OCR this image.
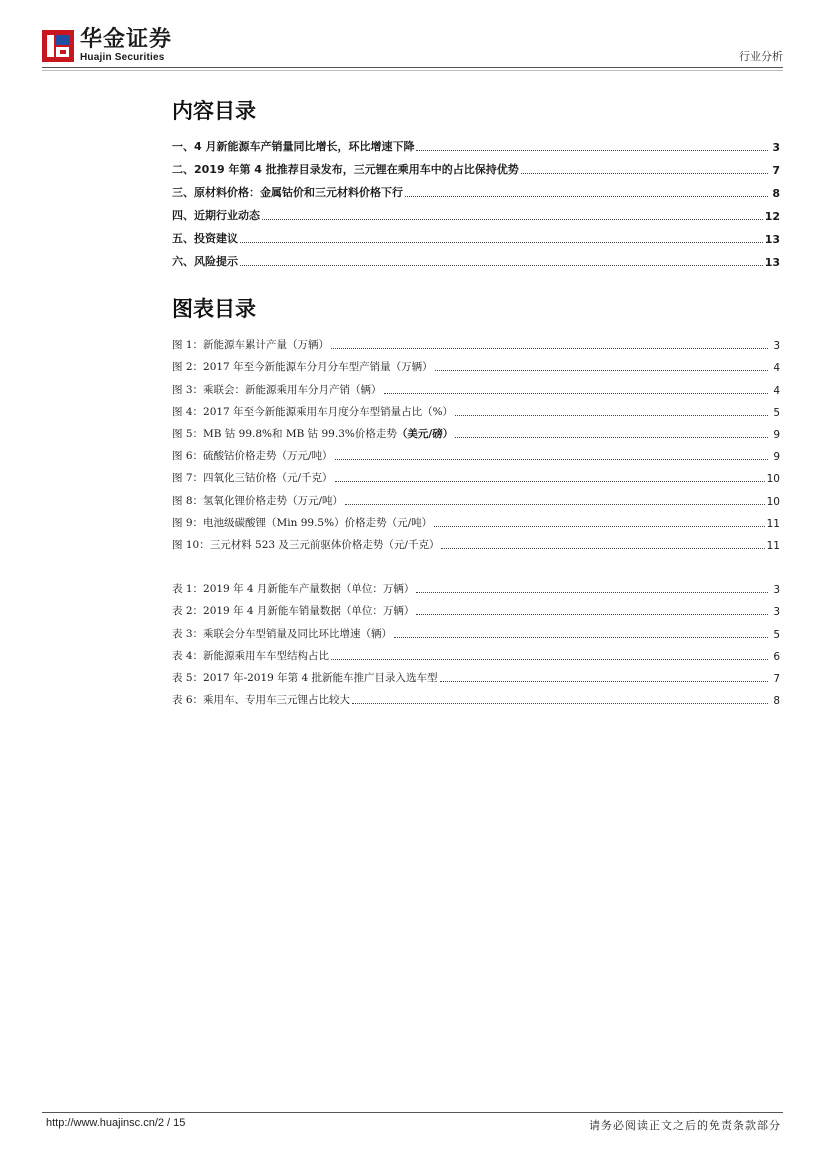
华金证券
Huajin Securities	行业分析
内容目录
一、4 月新能源车产销量同比增长，环比增速下降	3
二、2019 年第 4 批推荐目录发布，三元锂在乘用车中的占比保持优势	7
三、原材料价格：金属钴价和三元材料价格下行	8
四、近期行业动态	12
五、投资建议	13
六、风险提示	13
图表目录
图 1：新能源车累计产量（万辆）	3
图 2：2017 年至今新能源车分月分车型产销量（万辆）	4
图 3：乘联会：新能源乘用车分月产销（辆）	4
图 4：2017 年至今新能源乘用车月度分车型销量占比（%）	5
图 5：MB 钴 99.8%和 MB 钴 99.3%价格走势（美元/磅）	9
图 6：硫酸钴价格走势（万元/吨）	9
图 7：四氧化三钴价格（元/千克）	10
图 8：氢氧化锂价格走势（万元/吨）	10
图 9：电池级碳酸锂（Min 99.5%）价格走势（元/吨）	11
图 10：三元材料 523 及三元前驱体价格走势（元/千克）	11
表 1：2019 年 4 月新能车产量数据（单位：万辆）	3
表 2：2019 年 4 月新能车销量数据（单位：万辆）	3
表 3：乘联会分车型销量及同比环比增速（辆）	5
表 4：新能源乘用车车型结构占比	6
表 5：2017 年-2019 年第 4 批新能车推广目录入选车型	7
表 6：乘用车、专用车三元锂占比较大	8
http://www.huajinsc.cn/2 / 15	请务必阅读正文之后的免责条款部分
